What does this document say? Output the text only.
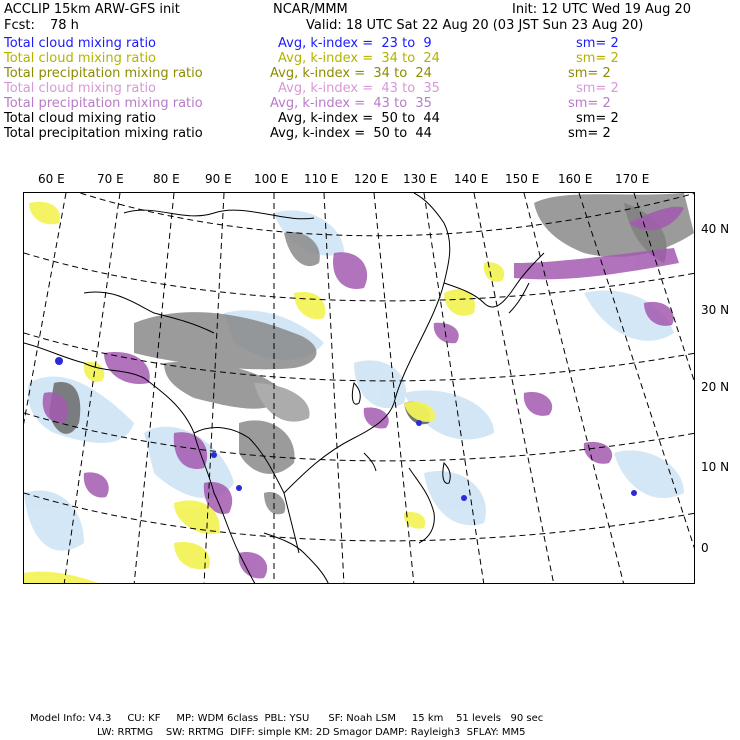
ACCLIP 15km ARW-GFS init	NCAR/MMM	Init: 12 UTC Wed 19 Aug 20
Fcst: 78 h	Valid: 18 UTC Sat 22 Aug 20 (03 JST Sun 23 Aug 20)
Total cloud mixing ratio	Avg, k-index =  23 to  9	sm= 2
Total cloud mixing ratio	Avg, k-index =  34 to  24	sm= 2
Total precipitation mixing ratio	Avg, k-index =  34 to  24	sm= 2
Total cloud mixing ratio	Avg, k-index =  43 to  35	sm= 2
Total precipitation mixing ratio	Avg, k-index =  43 to  35	sm= 2
Total cloud mixing ratio	Avg, k-index =  50 to  44	sm= 2
Total precipitation mixing ratio	Avg, k-index =  50 to  44	sm= 2
60 E	70 E 80 E 90 E 100 E 110 E 120 E 130 E 140 E 150 E 160 E 170 E
40 N
30 N
20 N
10 N
0
Model Info: V4.3     CU: KF     MP: WDM 6class  PBL: YSU      SF: Noah LSM     15 km    51 levels   90 sec
LW: RRTMG    SW: RRTMG  DIFF: simple KM: 2D Smagor DAMP: Rayleigh3  SFLAY: MM5
